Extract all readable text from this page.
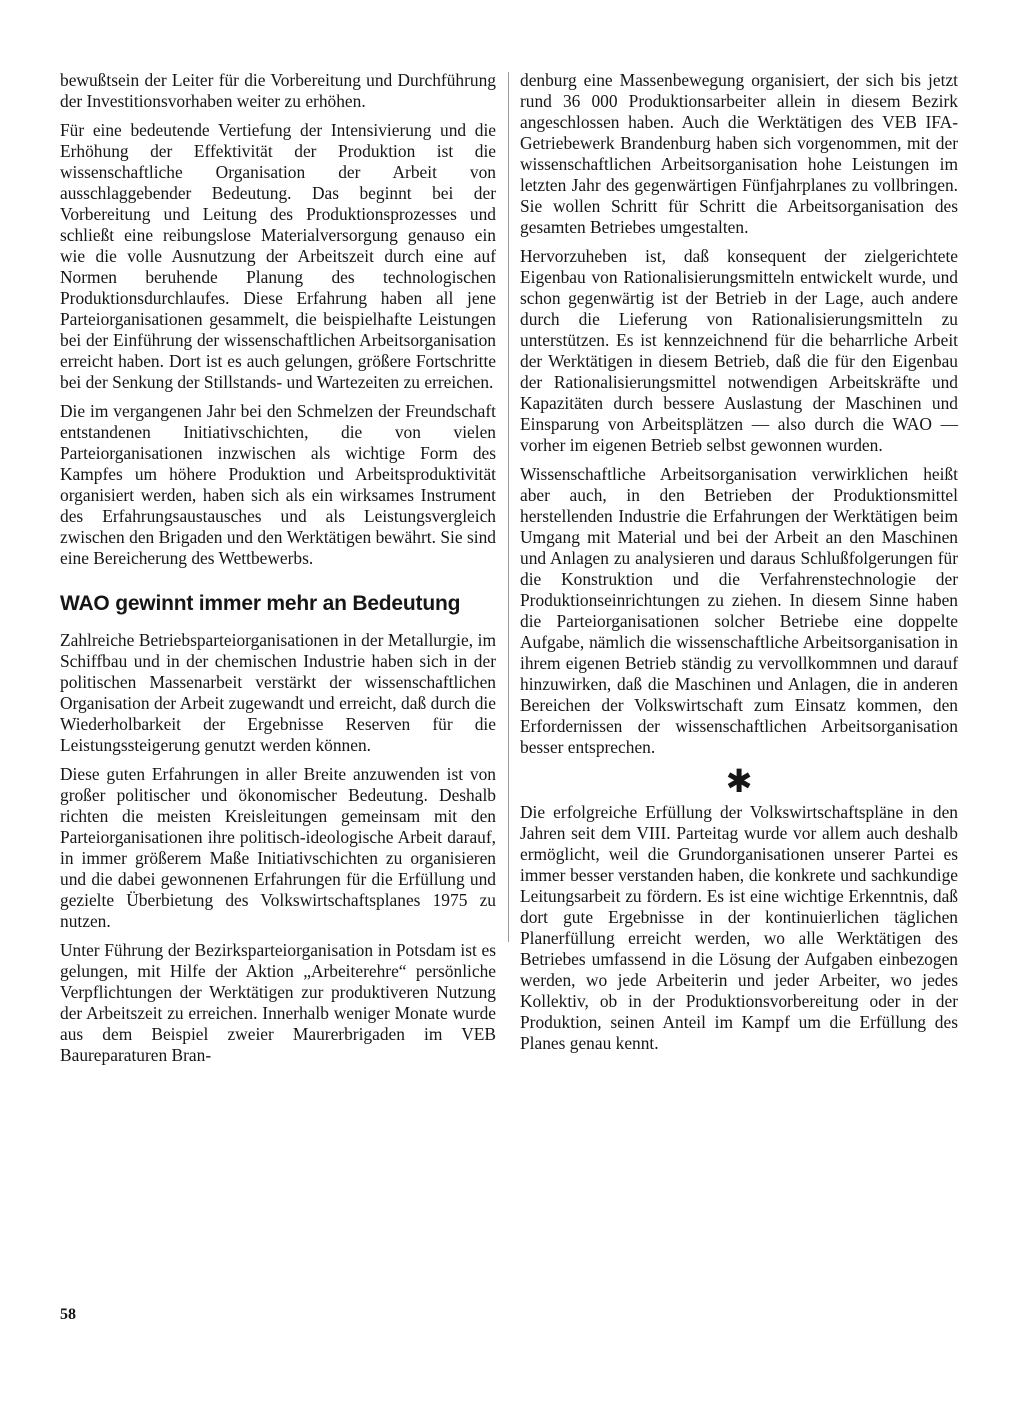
bewußtsein der Leiter für die Vorbereitung und Durchführung der Investitionsvorhaben weiter zu erhöhen.

Für eine bedeutende Vertiefung der Intensivierung und die Erhöhung der Effektivität der Produktion ist die wissenschaftliche Organisation der Arbeit von ausschlaggebender Bedeutung. Das beginnt bei der Vorbereitung und Leitung des Produktionsprozesses und schließt eine reibungslose Materialversorgung genauso ein wie die volle Ausnutzung der Arbeitszeit durch eine auf Normen beruhende Planung des technologischen Produktionsdurchlaufes. Diese Erfahrung haben all jene Parteiorganisationen gesammelt, die beispielhafte Leistungen bei der Einführung der wissenschaftlichen Arbeitsorganisation erreicht haben. Dort ist es auch gelungen, größere Fortschritte bei der Senkung der Stillstands- und Wartezeiten zu erreichen.

Die im vergangenen Jahr bei den Schmelzen der Freundschaft entstandenen Initiativschichten, die von vielen Parteiorganisationen inzwischen als wichtige Form des Kampfes um höhere Produktion und Arbeitsproduktivität organisiert werden, haben sich als ein wirksames Instrument des Erfahrungsaustausches und als Leistungsvergleich zwischen den Brigaden und den Werktätigen bewährt. Sie sind eine Bereicherung des Wettbewerbs.

WAO gewinnt immer mehr an Bedeutung

Zahlreiche Betriebsparteiorganisationen in der Metallurgie, im Schiffbau und in der chemischen Industrie haben sich in der politischen Massenarbeit verstärkt der wissenschaftlichen Organisation der Arbeit zugewandt und erreicht, daß durch die Wiederholbarkeit der Ergebnisse Reserven für die Leistungssteigerung genutzt werden können.

Diese guten Erfahrungen in aller Breite anzuwenden ist von großer politischer und ökonomischer Bedeutung. Deshalb richten die meisten Kreisleitungen gemeinsam mit den Parteiorganisationen ihre politisch-ideologische Arbeit darauf, in immer größerem Maße Initiativschichten zu organisieren und die dabei gewonnenen Erfahrungen für die Erfüllung und gezielte Überbietung des Volkswirtschaftsplanes 1975 zu nutzen.

Unter Führung der Bezirksparteiorganisation in Potsdam ist es gelungen, mit Hilfe der Aktion „Arbeiterehre“ persönliche Verpflichtungen der Werktätigen zur produktiveren Nutzung der Arbeitszeit zu erreichen. Innerhalb weniger Monate wurde aus dem Beispiel zweier Maurerbrigaden im VEB Baureparaturen Bran-

denburg eine Massenbewegung organisiert, der sich bis jetzt rund 36 000 Produktionsarbeiter allein in diesem Bezirk angeschlossen haben. Auch die Werktätigen des VEB IFA-Getriebewerk Brandenburg haben sich vorgenommen, mit der wissenschaftlichen Arbeitsorganisation hohe Leistungen im letzten Jahr des gegenwärtigen Fünfjahrplanes zu vollbringen. Sie wollen Schritt für Schritt die Arbeitsorganisation des gesamten Betriebes umgestalten.

Hervorzuheben ist, daß konsequent der zielgerichtete Eigenbau von Rationalisierungsmitteln entwickelt wurde, und schon gegenwärtig ist der Betrieb in der Lage, auch andere durch die Lieferung von Rationalisierungsmitteln zu unterstützen. Es ist kennzeichnend für die beharrliche Arbeit der Werktätigen in diesem Betrieb, daß die für den Eigenbau der Rationalisierungsmittel notwendigen Arbeitskräfte und Kapazitäten durch bessere Auslastung der Maschinen und Einsparung von Arbeitsplätzen — also durch die WAO — vorher im eigenen Betrieb selbst gewonnen wurden.

Wissenschaftliche Arbeitsorganisation verwirklichen heißt aber auch, in den Betrieben der Produktionsmittel herstellenden Industrie die Erfahrungen der Werktätigen beim Umgang mit Material und bei der Arbeit an den Maschinen und Anlagen zu analysieren und daraus Schlußfolgerungen für die Konstruktion und die Verfahrenstechnologie der Produktionseinrichtungen zu ziehen. In diesem Sinne haben die Parteiorganisationen solcher Betriebe eine doppelte Aufgabe, nämlich die wissenschaftliche Arbeitsorganisation in ihrem eigenen Betrieb ständig zu vervollkommnen und darauf hinzuwirken, daß die Maschinen und Anlagen, die in anderen Bereichen der Volkswirtschaft zum Einsatz kommen, den Erfordernissen der wissenschaftlichen Arbeitsorganisation besser entsprechen.

✱

Die erfolgreiche Erfüllung der Volkswirtschaftspläne in den Jahren seit dem VIII. Parteitag wurde vor allem auch deshalb ermöglicht, weil die Grundorganisationen unserer Partei es immer besser verstanden haben, die konkrete und sachkundige Leitungsarbeit zu fördern. Es ist eine wichtige Erkenntnis, daß dort gute Ergebnisse in der kontinuierlichen täglichen Planerfüllung erreicht werden, wo alle Werktätigen des Betriebes umfassend in die Lösung der Aufgaben einbezogen werden, wo jede Arbeiterin und jeder Arbeiter, wo jedes Kollektiv, ob in der Produktionsvorbereitung oder in der Produktion, seinen Anteil im Kampf um die Erfüllung des Planes genau kennt.

58
